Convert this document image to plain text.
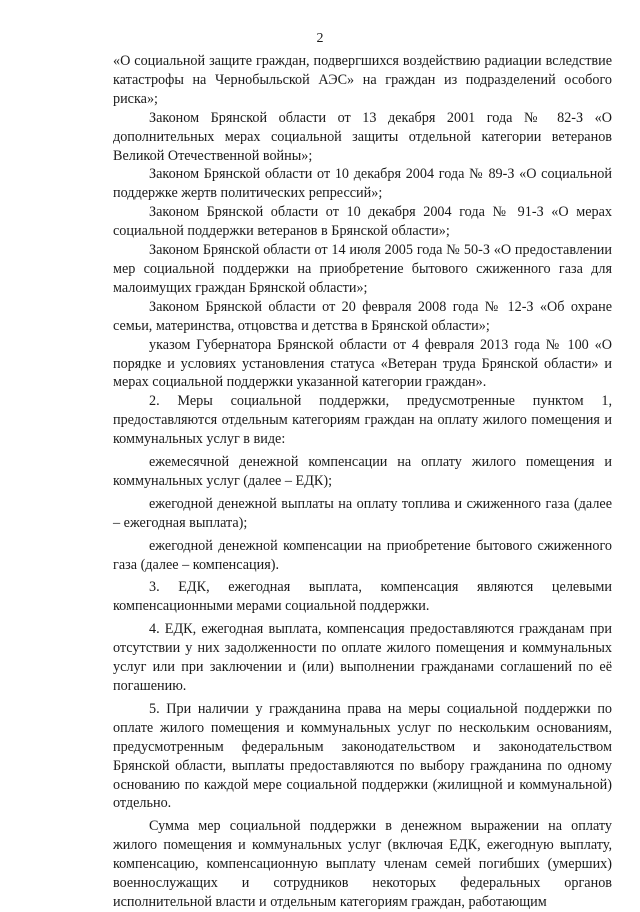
2

«О социальной защите граждан, подвергшихся воздействию радиации вследствие катастрофы на Чернобыльской АЭС» на граждан из подразделений особого риска»;

Законом Брянской области от 13 декабря 2001 года № 82-З «О дополнительных мерах социальной защиты отдельной категории ветеранов Великой Отечественной войны»;

Законом Брянской области от 10 декабря 2004 года № 89-З «О социальной поддержке жертв политических репрессий»;

Законом Брянской области от 10 декабря 2004 года № 91-З «О мерах социальной поддержки ветеранов в Брянской области»;

Законом Брянской области от 14 июля 2005 года № 50-З «О предоставлении мер социальной поддержки на приобретение бытового сжиженного газа для малоимущих граждан Брянской области»;

Законом Брянской области от 20 февраля 2008 года № 12-З «Об охране семьи, материнства, отцовства и детства в Брянской области»;

указом Губернатора Брянской области от 4 февраля 2013 года № 100 «О порядке и условиях установления статуса «Ветеран труда Брянской области» и мерах социальной поддержки указанной категории граждан».

2. Меры социальной поддержки, предусмотренные пунктом 1, предоставляются отдельным категориям граждан на оплату жилого помещения и коммунальных услуг в виде:

ежемесячной денежной компенсации на оплату жилого помещения и коммунальных услуг (далее – ЕДК);

ежегодной денежной выплаты на оплату топлива и сжиженного газа (далее – ежегодная выплата);

ежегодной денежной компенсации на приобретение бытового сжиженного газа (далее – компенсация).

3. ЕДК, ежегодная выплата, компенсация являются целевыми компенсационными мерами социальной поддержки.

4. ЕДК, ежегодная выплата, компенсация предоставляются гражданам при отсутствии у них задолженности по оплате жилого помещения и коммунальных услуг или при заключении и (или) выполнении гражданами соглашений по её погашению.

5. При наличии у гражданина права на меры социальной поддержки по оплате жилого помещения и коммунальных услуг по нескольким основаниям, предусмотренным федеральным законодательством и законодательством Брянской области, выплаты предоставляются по выбору гражданина по одному основанию по каждой мере социальной поддержки (жилищной и коммунальной) отдельно.

Сумма мер социальной поддержки в денежном выражении на оплату жилого помещения и коммунальных услуг (включая ЕДК, ежегодную выплату, компенсацию, компенсационную выплату членам семей погибших (умерших) военнослужащих и сотрудников некоторых федеральных органов исполнительной власти и отдельным категориям граждан, работающим
